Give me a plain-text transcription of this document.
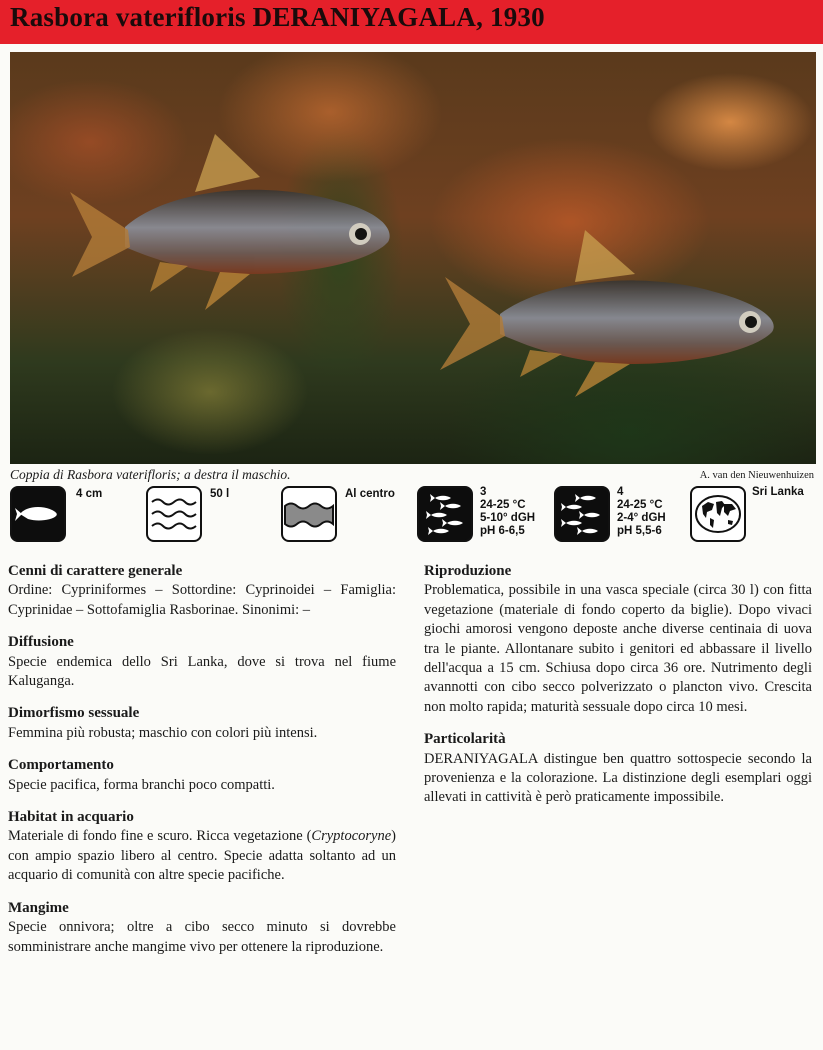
Rasbora vaterifloris DERANIYAGALA, 1930
Coppia di Rasbora vaterifloris; a destra il maschio.	A. van den Nieuwenhuizen
4 cm	50 l	Al centro	3
24-25 °C
5-10° dGH
pH 6-6,5
4
24-25 °C
2-4° dGH
pH 5,5-6
Sri Lanka
Cenni di carattere generale
Ordine: Cypriniformes – Sottordine: Cyprinoidei – Famiglia: Cyprinidae – Sottofamiglia Rasborinae. Sinonimi: –
Diffusione
Specie endemica dello Sri Lanka, dove si trova nel fiume Kaluganga.
Dimorfismo sessuale
Femmina più robusta; maschio con colori più intensi.
Comportamento
Specie pacifica, forma branchi poco compatti.
Habitat in acquario
Materiale di fondo fine e scuro. Ricca vegetazione (Cryptocoryne) con ampio spazio libero al centro. Specie adatta soltanto ad un acquario di comunità con altre specie pacifiche.
Mangime
Specie onnivora; oltre a cibo secco minuto si dovrebbe somministrare anche mangime vivo per ottenere la riproduzione.
Riproduzione
Problematica, possibile in una vasca speciale (circa 30 l) con fitta vegetazione (materiale di fondo coperto da biglie). Dopo vivaci giochi amorosi vengono deposte anche diverse centinaia di uova tra le piante. Allontanare subito i genitori ed abbassare il livello dell'acqua a 15 cm. Schiusa dopo circa 36 ore. Nutrimento degli avannotti con cibo secco polverizzato o plancton vivo. Crescita non molto rapida; maturità sessuale dopo circa 10 mesi.
Particolarità
DERANIYAGALA distingue ben quattro sottospecie secondo la provenienza e la colorazione. La distinzione degli esemplari oggi allevati in cattività è però praticamente impossibile.
